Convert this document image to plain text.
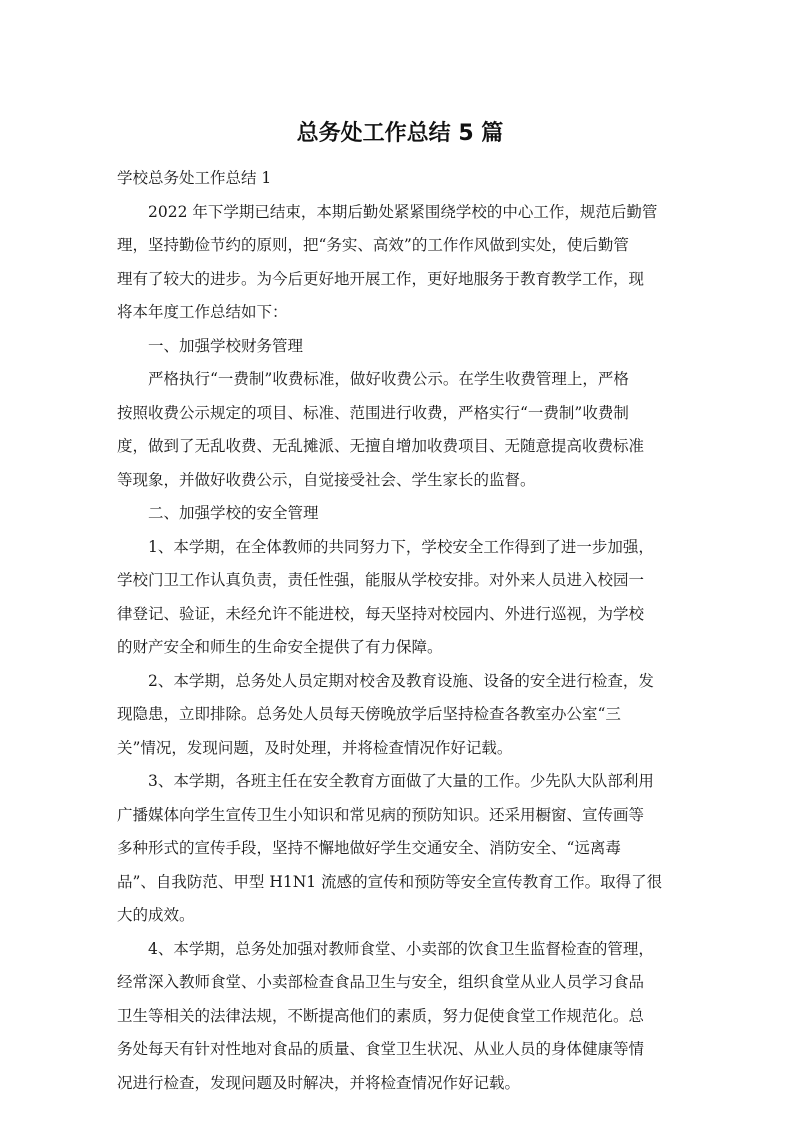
总务处工作总结 5 篇

学校总务处工作总结 1

2022 年下学期已结束，本期后勤处紧紧围绕学校的中心工作，规范后勤管

理，坚持勤俭节约的原则，把“务实、高效”的工作作风做到实处，使后勤管

理有了较大的进步。为今后更好地开展工作，更好地服务于教育教学工作，现

将本年度工作总结如下：

一、加强学校财务管理

严格执行“一费制”收费标准，做好收费公示。在学生收费管理上，严格

按照收费公示规定的项目、标准、范围进行收费，严格实行“一费制”收费制

度，做到了无乱收费、无乱摊派、无擅自增加收费项目、无随意提高收费标准

等现象，并做好收费公示，自觉接受社会、学生家长的监督。

二、加强学校的安全管理

1、本学期，在全体教师的共同努力下，学校安全工作得到了进一步加强，

学校门卫工作认真负责，责任性强，能服从学校安排。对外来人员进入校园一

律登记、验证，未经允许不能进校，每天坚持对校园内、外进行巡视，为学校

的财产安全和师生的生命安全提供了有力保障。

2、本学期，总务处人员定期对校舍及教育设施、设备的安全进行检查，发

现隐患，立即排除。总务处人员每天傍晚放学后坚持检查各教室办公室“三

关”情况，发现问题，及时处理，并将检查情况作好记载。

3、本学期，各班主任在安全教育方面做了大量的工作。少先队大队部利用

广播媒体向学生宣传卫生小知识和常见病的预防知识。还采用橱窗、宣传画等

多种形式的宣传手段，坚持不懈地做好学生交通安全、消防安全、“远离毒

品”、自我防范、甲型 H1N1 流感的宣传和预防等安全宣传教育工作。取得了很

大的成效。

4、本学期，总务处加强对教师食堂、小卖部的饮食卫生监督检查的管理，

经常深入教师食堂、小卖部检查食品卫生与安全，组织食堂从业人员学习食品

卫生等相关的法律法规，不断提高他们的素质，努力促使食堂工作规范化。总

务处每天有针对性地对食品的质量、食堂卫生状况、从业人员的身体健康等情

况进行检查，发现问题及时解决，并将检查情况作好记载。
